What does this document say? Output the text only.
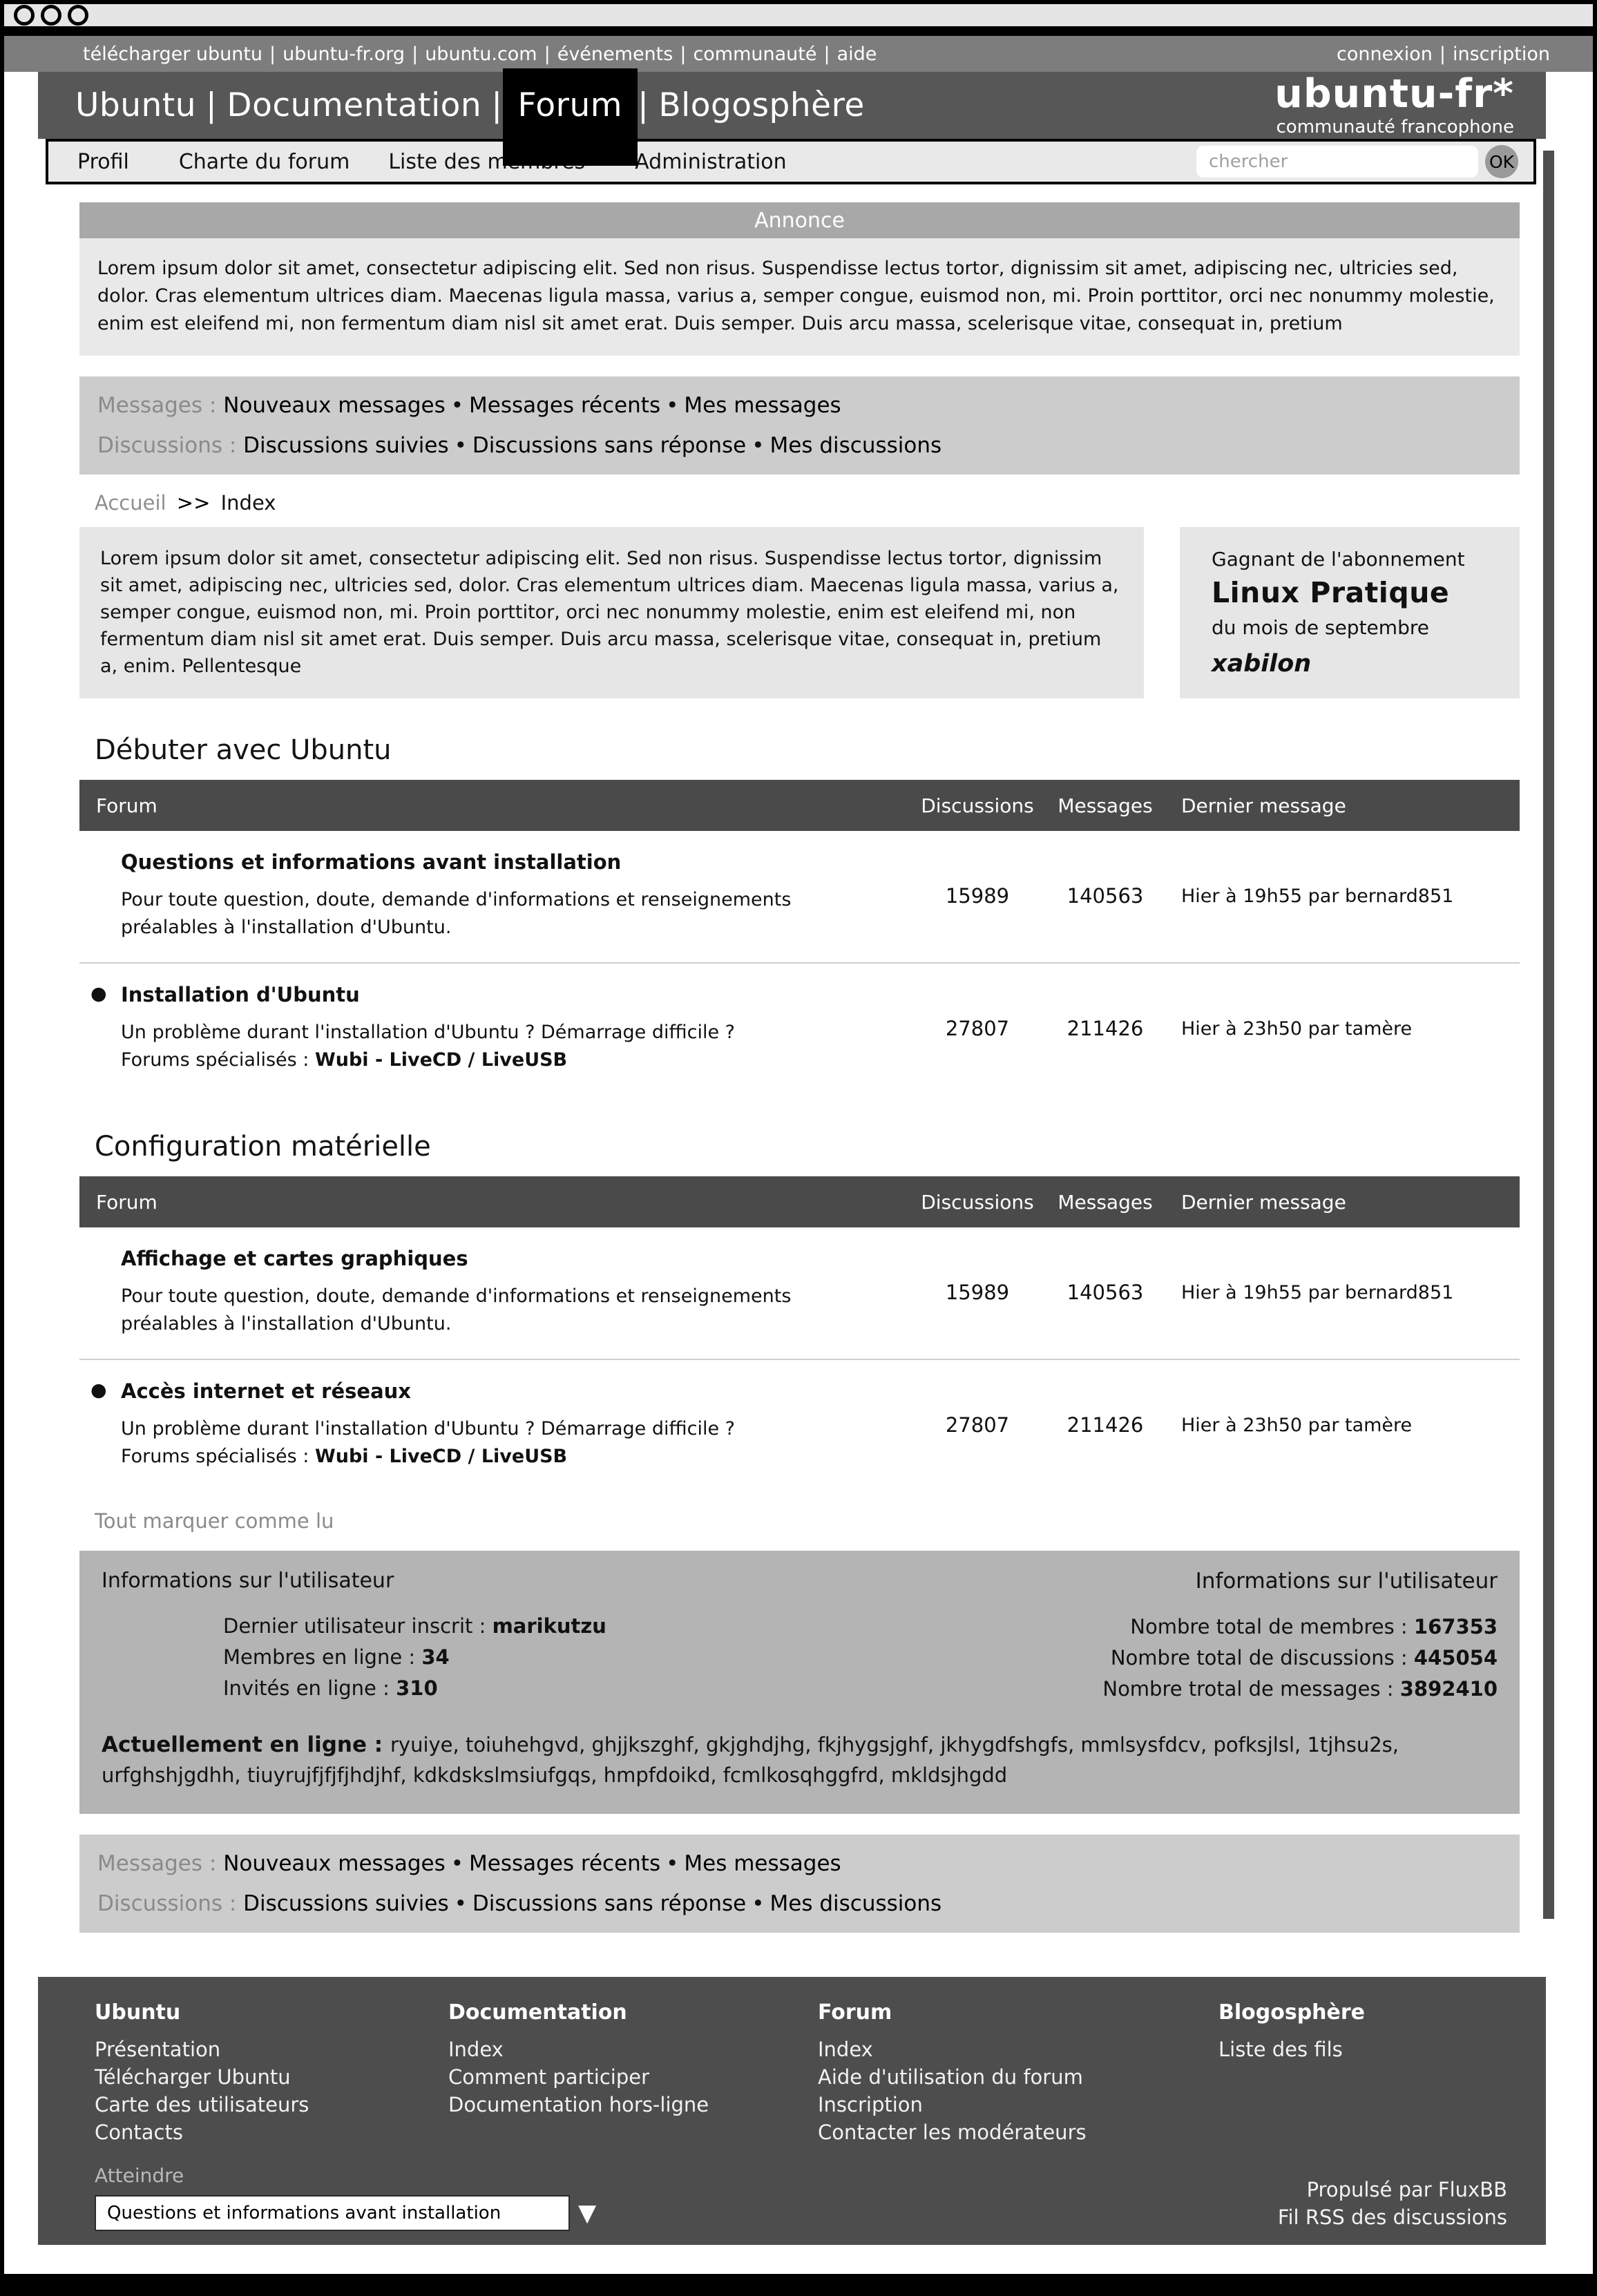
télécharger ubuntu | ubuntu-fr.org | ubuntu.com | événements | communauté | aide	connexion | inscription
Ubuntu | Documentation | Forum | Blogosphère	ubuntu-fr*
communauté francophone
Profil Charte du forum Liste des membres Administration
chercher	OK
Annonce
Lorem ipsum dolor sit amet, consectetur adipiscing elit. Sed non risus. Suspendisse lectus tortor, dignissim sit amet, adipiscing nec, ultricies sed, dolor. Cras elementum ultrices diam. Maecenas ligula massa, varius a, semper congue, euismod non, mi. Proin porttitor, orci nec nonummy molestie, enim est eleifend mi, non fermentum diam nisl sit amet erat. Duis semper. Duis arcu massa, scelerisque vitae, consequat in, pretium
Messages : Nouveaux messages • Messages récents • Mes messages
Discussions : Discussions suivies • Discussions sans réponse • Mes discussions
Accueil >> Index
Lorem ipsum dolor sit amet, consectetur adipiscing elit. Sed non risus. Suspendisse lectus tortor, dignissim sit amet, adipiscing nec, ultricies sed, dolor. Cras elementum ultrices diam. Maecenas ligula massa, varius a, semper congue, euismod non, mi. Proin porttitor, orci nec nonummy molestie, enim est eleifend mi, non fermentum diam nisl sit amet erat. Duis semper. Duis arcu massa, scelerisque vitae, consequat in, pretium a, enim. Pellentesque
Gagnant de l'abonnement
Linux Pratique
du mois de septembre
xabilon
Débuter avec Ubuntu
Forum	Discussions	Messages	Dernier message
Questions et informations avant installation
Pour toute question, doute, demande d'informations et renseignements
préalables à l'installation d'Ubuntu.
15989	140563	Hier à 19h55 par bernard851
● Installation d'Ubuntu
Un problème durant l'installation d'Ubuntu ? Démarrage difficile ?
Forums spécialisés : Wubi - LiveCD / LiveUSB
27807	211426	Hier à 23h50 par tamère
Configuration matérielle
Forum	Discussions	Messages	Dernier message
Affichage et cartes graphiques
Pour toute question, doute, demande d'informations et renseignements
préalables à l'installation d'Ubuntu.
15989	140563	Hier à 19h55 par bernard851
● Accès internet et réseaux
Un problème durant l'installation d'Ubuntu ? Démarrage difficile ?
Forums spécialisés : Wubi - LiveCD / LiveUSB
27807	211426	Hier à 23h50 par tamère
Tout marquer comme lu
Informations sur l'utilisateur
Dernier utilisateur inscrit : marikutzu
Membres en ligne : 34
Invités en ligne : 310
Informations sur l'utilisateur
Nombre total de membres : 167353
Nombre total de discussions : 445054
Nombre trotal de messages : 3892410
Actuellement en ligne : ryuiye, toiuhehgvd, ghjjkszghf, gkjghdjhg, fkjhygsjghf, jkhygdfshgfs, mmlsysfdcv, pofksjlsl, 1tjhsu2s, urfghshjgdhh, tiuyrujfjfjfjhdjhf, kdkdskslmsiufgqs, hmpfdoikd, fcmlkosqhggfrd, mkldsjhgdd
Messages : Nouveaux messages • Messages récents • Mes messages
Discussions : Discussions suivies • Discussions sans réponse • Mes discussions
Ubuntu
Présentation
Télécharger Ubuntu
Carte des utilisateurs
Contacts
Documentation
Index
Comment participer
Documentation hors-ligne
Forum
Index
Aide d'utilisation du forum
Inscription
Contacter les modérateurs
Blogosphère
Liste des fils
Atteindre
Questions et informations avant installation	▼
Propulsé par FluxBB
Fil RSS des discussions
